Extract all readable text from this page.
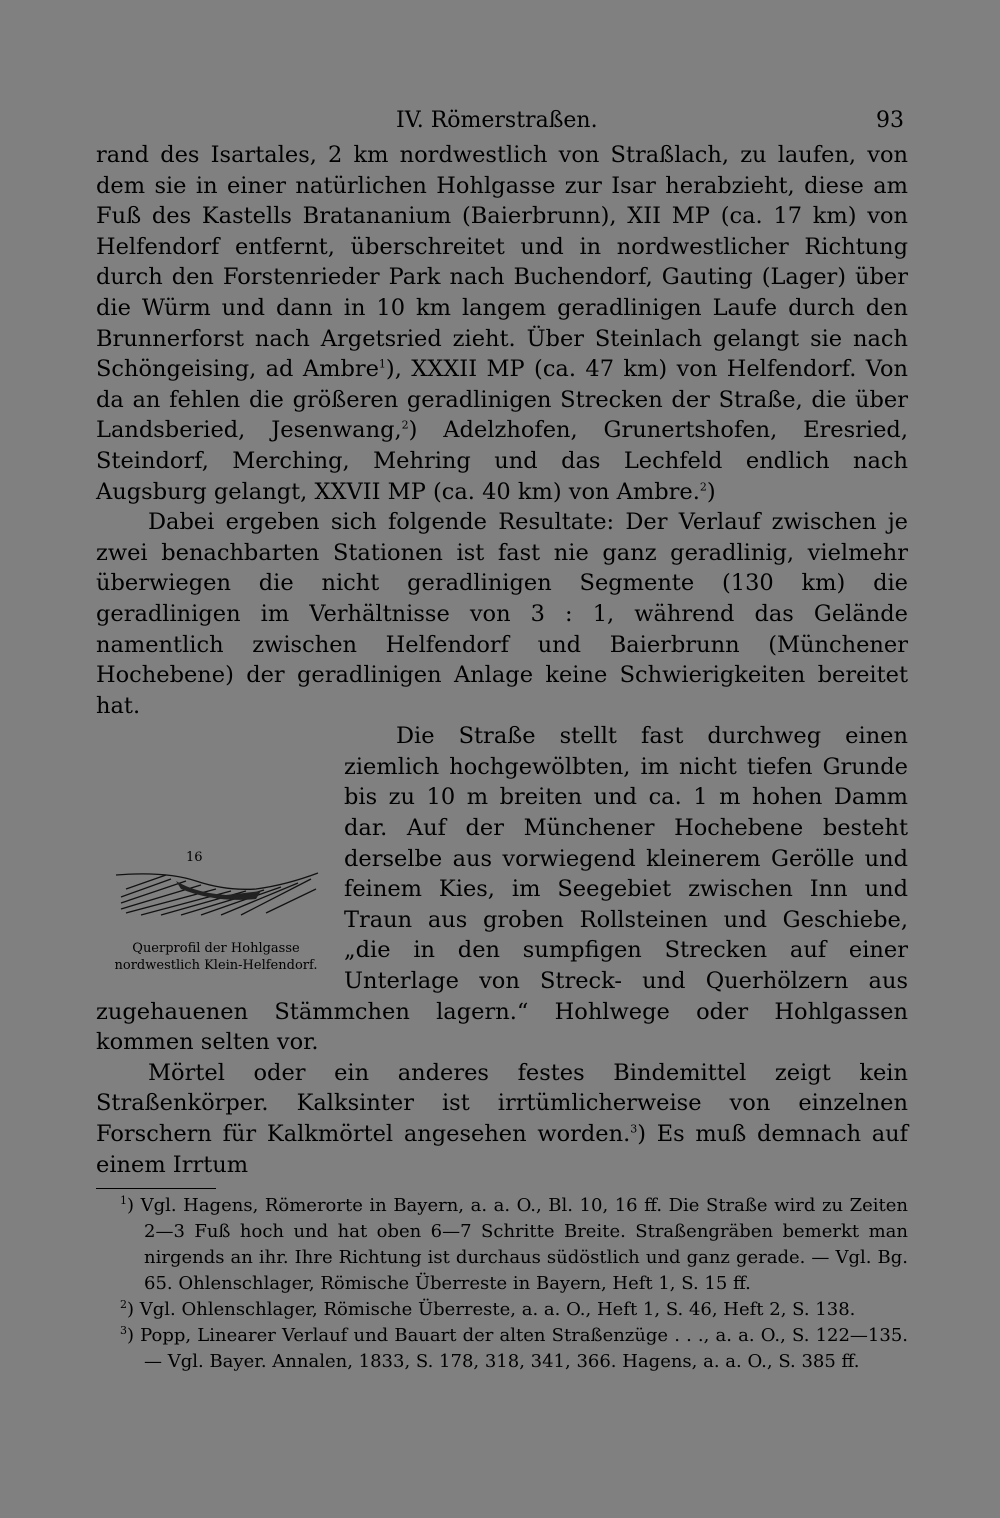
IV. Römerstraßen.	93

rand des Isartales, 2 km nordwestlich von Straßlach, zu laufen, von dem sie in einer natürlichen Hohlgasse zur Isar herabzieht, diese am Fuß des Kastells Bratananium (Baierbrunn), XII MP (ca. 17 km) von Helfendorf entfernt, überschreitet und in nordwestlicher Richtung durch den Forstenrieder Park nach Buchendorf, Gauting (Lager) über die Würm und dann in 10 km langem geradlinigen Laufe durch den Brunnerforst nach Argetsried zieht. Über Steinlach gelangt sie nach Schöngeising, ad Ambre$^1$), XXXII MP (ca. 47 km) von Helfendorf. Von da an fehlen die größeren geradlinigen Strecken der Straße, die über Landsberied, Jesenwang,$^2$) Adelzhofen, Grunertshofen, Eresried, Steindorf, Merching, Mehring und das Lechfeld endlich nach Augsburg gelangt, XXVII MP (ca. 40 km) von Ambre.$^2$)

Dabei ergeben sich folgende Resultate: Der Verlauf zwischen je zwei benachbarten Stationen ist fast nie ganz geradlinig, vielmehr überwiegen die nicht geradlinigen Segmente (130 km) die geradlinigen im Verhältnisse von 3 : 1, während das Gelände namentlich zwischen Helfendorf und Baierbrunn (Münchener Hochebene) der geradlinigen Anlage keine Schwierigkeiten bereitet hat.

16
Querprofil der Hohlgasse
nordwestlich Klein-Helfendorf.

Die Straße stellt fast durchweg einen ziemlich hochgewölbten, im nicht tiefen Grunde bis zu 10 m breiten und ca. 1 m hohen Damm dar. Auf der Münchener Hochebene besteht derselbe aus vorwiegend kleinerem Gerölle und feinem Kies, im Seegebiet zwischen Inn und Traun aus groben Rollsteinen und Geschiebe, „die in den sumpfigen Strecken auf einer Unterlage von Streck- und Querhölzern aus zugehauenen Stämmchen lagern.“ Hohlwege oder Hohlgassen kommen selten vor.

Mörtel oder ein anderes festes Bindemittel zeigt kein Straßenkörper. Kalksinter ist irrtümlicherweise von einzelnen Forschern für Kalkmörtel angesehen worden.$^3$) Es muß demnach auf einem Irrtum

$^1$) Vgl. Hagens, Römerorte in Bayern, a. a. O., Bl. 10, 16 ff. Die Straße wird zu Zeiten 2—3 Fuß hoch und hat oben 6—7 Schritte Breite. Straßengräben bemerkt man nirgends an ihr. Ihre Richtung ist durchaus südöstlich und ganz gerade. — Vgl. Bg. 65. Ohlenschlager, Römische Überreste in Bayern, Heft 1, S. 15 ff.

$^2$) Vgl. Ohlenschlager, Römische Überreste, a. a. O., Heft 1, S. 46, Heft 2, S. 138.

$^3$) Popp, Linearer Verlauf und Bauart der alten Straßenzüge . . ., a. a. O., S. 122—135. — Vgl. Bayer. Annalen, 1833, S. 178, 318, 341, 366. Hagens, a. a. O., S. 385 ff.
